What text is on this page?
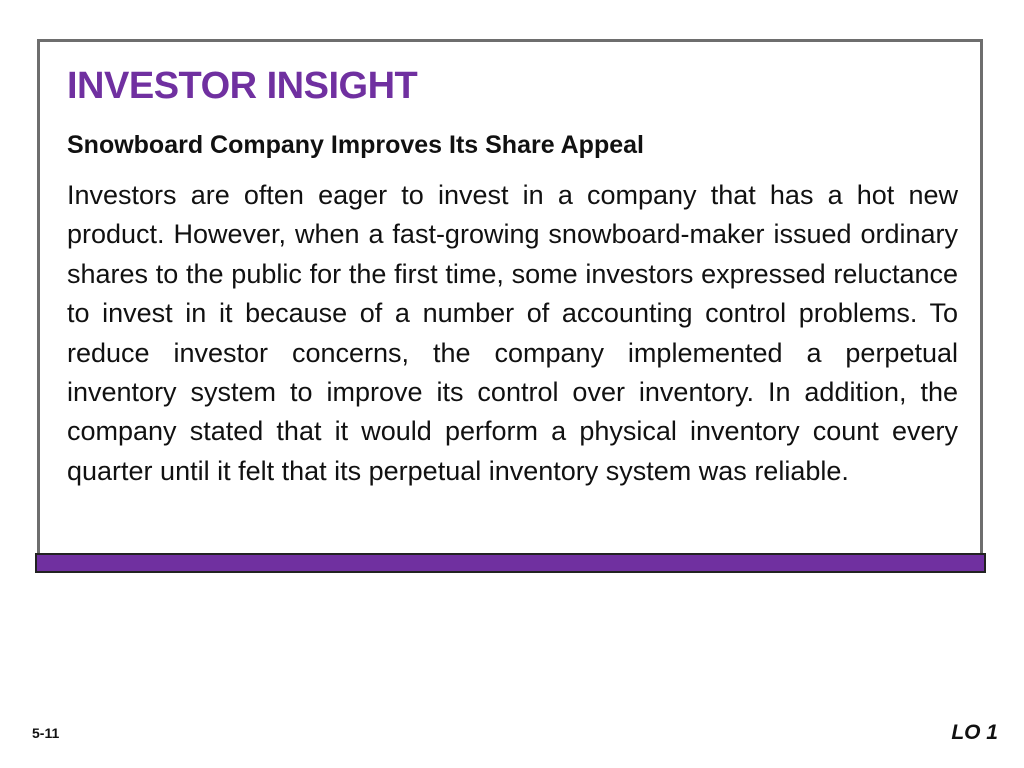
INVESTOR INSIGHT
Snowboard Company Improves Its Share Appeal

Investors are often eager to invest in a company that has a hot new product. However, when a fast-growing snowboard-maker issued ordinary shares to the public for the first time, some investors expressed reluctance to invest in it because of a number of accounting control problems. To reduce investor concerns, the company implemented a perpetual inventory system to improve its control over inventory. In addition, the company stated that it would perform a physical inventory count every quarter until it felt that its perpetual inventory system was reliable.

5-11	LO 1
